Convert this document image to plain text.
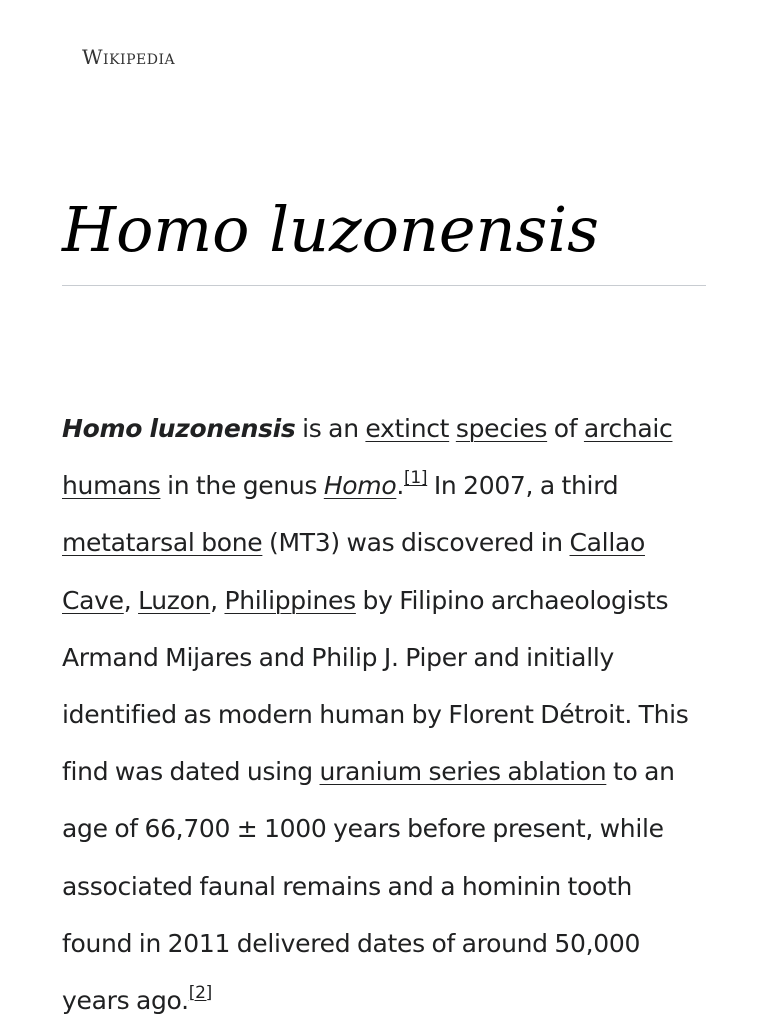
Wikipedia
Homo luzonensis

Homo luzonensis is an extinct species of archaic humans in the genus Homo.[1] In 2007, a third metatarsal bone (MT3) was discovered in Callao Cave, Luzon, Philippines by Filipino archaeologists Armand Mijares and Philip J. Piper and initially identified as modern human by Florent Détroit. This find was dated using uranium series ablation to an age of 66,700 ± 1000 years before present, while associated faunal remains and a hominin tooth found in 2011 delivered dates of around 50,000 years ago.[2]
